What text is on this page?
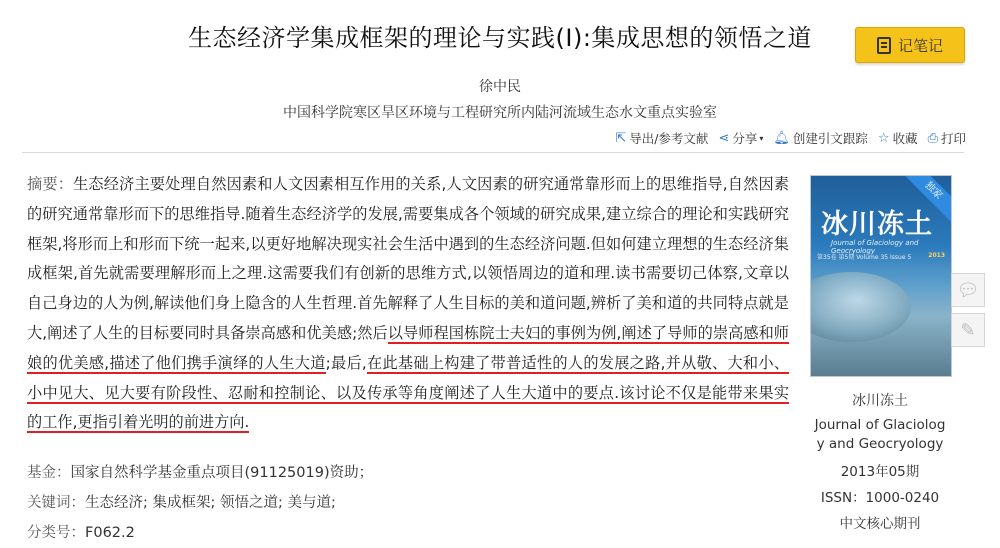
生态经济学集成框架的理论与实践(Ⅰ):集成思想的领悟之道	记笔记
徐中民
中国科学院寒区旱区环境与工程研究所内陆河流域生态水文重点实验室
⇱ 导出/参考文献 ⋖ 分享 ▾ 🔔︎ 创建引文跟踪 ☆ 收藏 ⎙ 打印
摘要：生态经济主要处理自然因素和人文因素相互作用的关系,人文因素的研究通常靠形而上的思维指导,自然因素的研究通常靠形而下的思维指导.随着生态经济学的发展,需要集成各个领域的研究成果,建立综合的理论和实践研究框架,将形而上和形而下统一起来,以更好地解决现实社会生活中遇到的生态经济问题.但如何建立理想的生态经济集成框架,首先就需要理解形而上之理.这需要我们有创新的思维方式,以领悟周边的道和理.读书需要切己体察,文章以自己身边的人为例,解读他们身上隐含的人生哲理.首先解释了人生目标的美和道问题,辨析了美和道的共同特点就是大,阐述了人生的目标要同时具备崇高感和优美感;然后以导师程国栋院士夫妇的事例为例,阐述了导师的崇高感和师娘的优美感,描述了他们携手演绎的人生大道;最后,在此基础上构建了带普适性的人的发展之路,并从敬、大和小、小中见大、见大要有阶段性、忍耐和控制论、以及传承等角度阐述了人生大道中的要点.该讨论不仅是能带来果实的工作,更指引着光明的前进方向.
基金：国家自然科学基金重点项目(91125019)资助；
关键词：生态经济; 集成框架; 领悟之道; 美与道;
分类号：F062.2
独家
冰川冻土
Journal of Glaciology and Geocryology
第35卷 第5期 Volume 35 Issue 5	2013
💬︎
✎
冰川冻土
Journal of Glaciolog
y and Geocryology
2013年05期
ISSN：1000-0240
中文核心期刊
